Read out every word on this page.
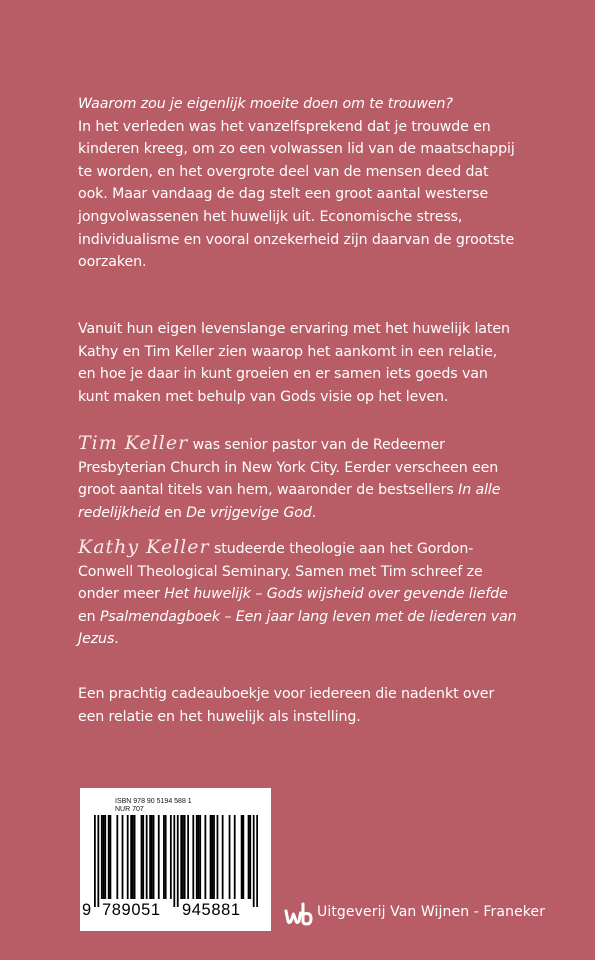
Waarom zou je eigenlijk moeite doen om te trouwen?

In het verleden was het vanzelfsprekend dat je trouwde en

kinderen kreeg, om zo een volwassen lid van de maatschappij

te worden, en het overgrote deel van de mensen deed dat

ook. Maar vandaag de dag stelt een groot aantal westerse

jongvolwassenen het huwelijk uit. Economische stress,

individualisme en vooral onzekerheid zijn daarvan de grootste

oorzaken.

Vanuit hun eigen levenslange ervaring met het huwelijk laten

Kathy en Tim Keller zien waarop het aankomt in een relatie,

en hoe je daar in kunt groeien en er samen iets goeds van

kunt maken met behulp van Gods visie op het leven.

Tim Keller was senior pastor van de Redeemer
Presbyterian Church in New York City. Eerder verscheen een
groot aantal titels van hem, waaronder de bestsellers In alle
redelijkheid en De vrijgevige God.
Kathy Keller studeerde theologie aan het Gordon-
Conwell Theological Seminary. Samen met Tim schreef ze
onder meer Het huwelijk – Gods wijsheid over gevende liefde
en Psalmendagboek – Een jaar lang leven met de liederen van
Jezus.

Een prachtig cadeauboekje voor iedereen die nadenkt over

een relatie en het huwelijk als instelling.

ISBN 978 90 5194 588 1
NUR 707
9 789051 945881	Uitgeverij Van Wijnen - Franeker
